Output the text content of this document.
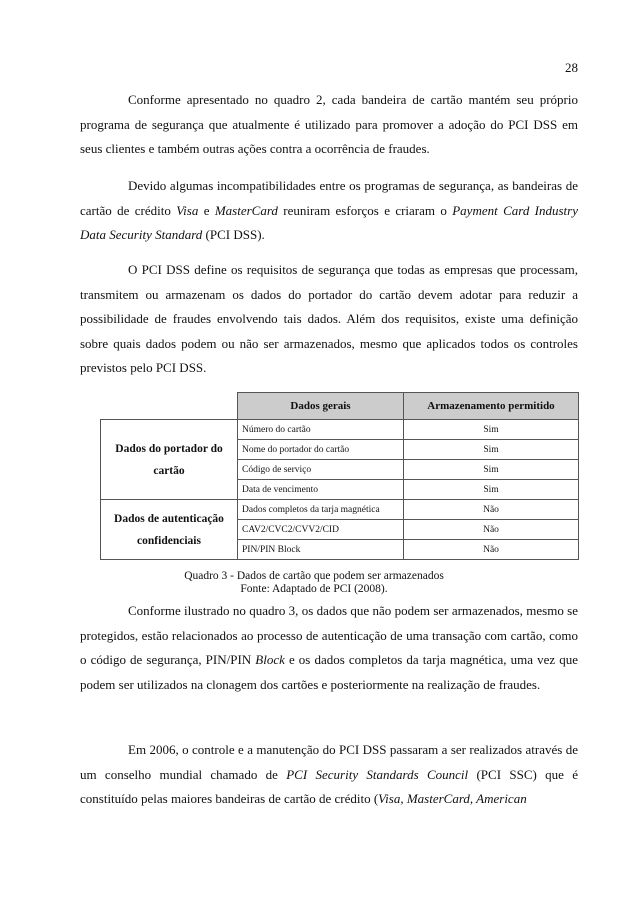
28

Conforme apresentado no quadro 2, cada bandeira de cartão mantém seu próprio programa de segurança que atualmente é utilizado para promover a adoção do PCI DSS em seus clientes e também outras ações contra a ocorrência de fraudes.

Devido algumas incompatibilidades entre os programas de segurança, as bandeiras de cartão de crédito Visa e MasterCard reuniram esforços e criaram o Payment Card Industry Data Security Standard (PCI DSS).

O PCI DSS define os requisitos de segurança que todas as empresas que processam, transmitem ou armazenam os dados do portador do cartão devem adotar para reduzir a possibilidade de fraudes envolvendo tais dados. Além dos requisitos, existe uma definição sobre quais dados podem ou não ser armazenados, mesmo que aplicados todos os controles previstos pelo PCI DSS.

	Dados gerais	Armazenamento permitido
Dados do portador do cartão	Número do cartão	Sim
	Nome do portador do cartão	Sim
	Código de serviço	Sim
	Data de vencimento	Sim
Dados de autenticação confidenciais	Dados completos da tarja magnética	Não
	CAV2/CVC2/CVV2/CID	Não
	PIN/PIN Block	Não
Quadro 3 - Dados de cartão que podem ser armazenados
Fonte: Adaptado de PCI (2008).

Conforme ilustrado no quadro 3, os dados que não podem ser armazenados, mesmo se protegidos, estão relacionados ao processo de autenticação de uma transação com cartão, como o código de segurança, PIN/PIN Block e os dados completos da tarja magnética, uma vez que podem ser utilizados na clonagem dos cartões e posteriormente na realização de fraudes.

Em 2006, o controle e a manutenção do PCI DSS passaram a ser realizados através de um conselho mundial chamado de PCI Security Standards Council (PCI SSC) que é constituído pelas maiores bandeiras de cartão de crédito (Visa, MasterCard, American
